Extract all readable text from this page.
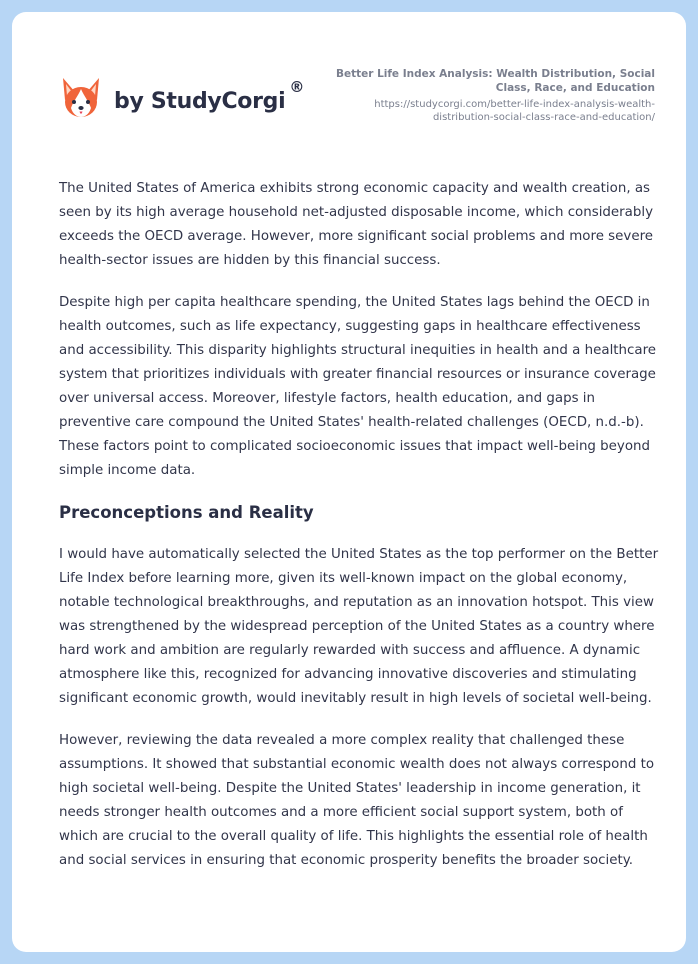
by StudyCorgi
®
Better Life Index Analysis: Wealth Distribution, Social Class, Race, and Education
https://studycorgi.com/better-life-index-analysis-wealth-distribution-social-class-race-and-education/

The United States of America exhibits strong economic capacity and wealth creation, as seen by its high average household net-adjusted disposable income, which considerably exceeds the OECD average. However, more significant social problems and more severe health-sector issues are hidden by this financial success.

Despite high per capita healthcare spending, the United States lags behind the OECD in health outcomes, such as life expectancy, suggesting gaps in healthcare effectiveness and accessibility. This disparity highlights structural inequities in health and a healthcare system that prioritizes individuals with greater financial resources or insurance coverage over universal access. Moreover, lifestyle factors, health education, and gaps in preventive care compound the United States' health-related challenges (OECD, n.d.-b). These factors point to complicated socioeconomic issues that impact well-being beyond simple income data.

Preconceptions and Reality

I would have automatically selected the United States as the top performer on the Better Life Index before learning more, given its well-known impact on the global economy, notable technological breakthroughs, and reputation as an innovation hotspot. This view was strengthened by the widespread perception of the United States as a country where hard work and ambition are regularly rewarded with success and affluence. A dynamic atmosphere like this, recognized for advancing innovative discoveries and stimulating significant economic growth, would inevitably result in high levels of societal well-being.

However, reviewing the data revealed a more complex reality that challenged these assumptions. It showed that substantial economic wealth does not always correspond to high societal well-being. Despite the United States' leadership in income generation, it needs stronger health outcomes and a more efficient social support system, both of which are crucial to the overall quality of life. This highlights the essential role of health and social services in ensuring that economic prosperity benefits the broader society.
